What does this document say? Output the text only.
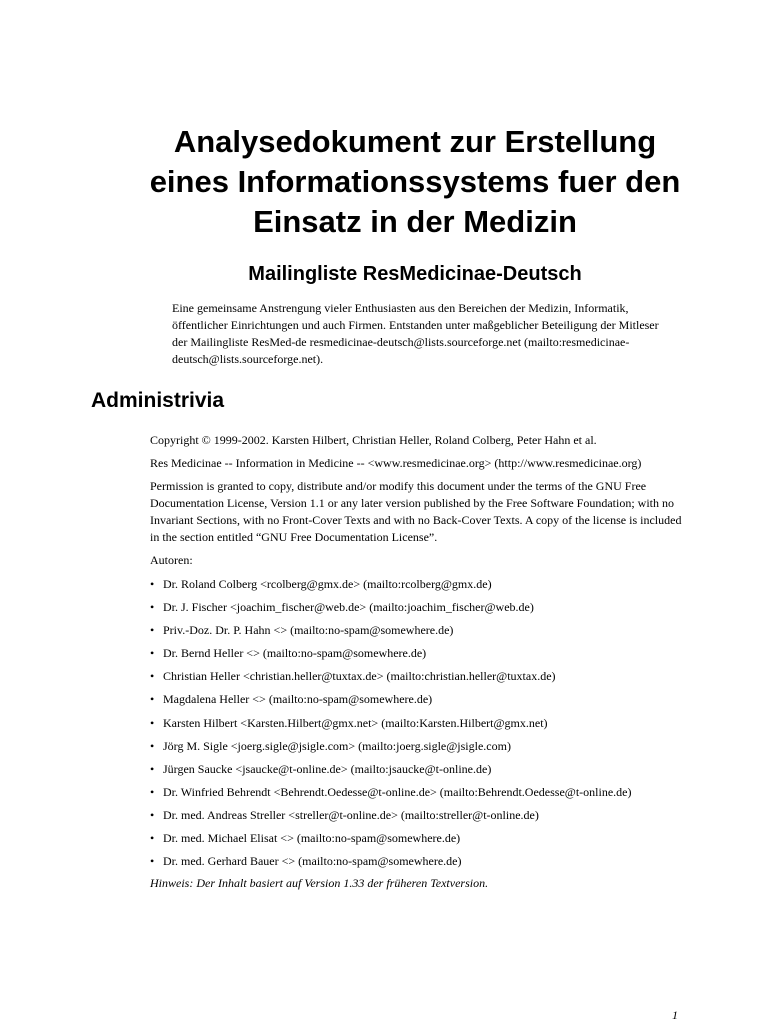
Analysedokument zur Erstellung
eines Informationssystems fuer den
Einsatz in der Medizin
Mailingliste ResMedicinae-Deutsch

Eine gemeinsame Anstrengung vieler Enthusiasten aus den Bereichen der Medizin, Informatik, öffentlicher Einrichtungen und auch Firmen. Entstanden unter maßgeblicher Beteiligung der Mitleser der Mailingliste ResMed-de resmedicinae-deutsch@lists.sourceforge.net (mailto:resmedicinae-deutsch@lists.sourceforge.net).

Administrivia

Copyright © 1999-2002. Karsten Hilbert, Christian Heller, Roland Colberg, Peter Hahn et al.

Res Medicinae -- Information in Medicine -- <www.resmedicinae.org> (http://www.resmedicinae.org)

Permission is granted to copy, distribute and/or modify this document under the terms of the GNU Free Documentation License, Version 1.1 or any later version published by the Free Software Foundation; with no Invariant Sections, with no Front-Cover Texts and with no Back-Cover Texts. A copy of the license is included in the section entitled “GNU Free Documentation License”.

Autoren:

• Dr. Roland Colberg <rcolberg@gmx.de> (mailto:rcolberg@gmx.de)
• Dr. J. Fischer <joachim_fischer@web.de> (mailto:joachim_fischer@web.de)
• Priv.-Doz. Dr. P. Hahn <> (mailto:no-spam@somewhere.de)
• Dr. Bernd Heller <> (mailto:no-spam@somewhere.de)
• Christian Heller <christian.heller@tuxtax.de> (mailto:christian.heller@tuxtax.de)
• Magdalena Heller <> (mailto:no-spam@somewhere.de)
• Karsten Hilbert <Karsten.Hilbert@gmx.net> (mailto:Karsten.Hilbert@gmx.net)
• Jörg M. Sigle <joerg.sigle@jsigle.com> (mailto:joerg.sigle@jsigle.com)
• Jürgen Saucke <jsaucke@t-online.de> (mailto:jsaucke@t-online.de)
• Dr. Winfried Behrendt <Behrendt.Oedesse@t-online.de> (mailto:Behrendt.Oedesse@t-online.de)
• Dr. med. Andreas Streller <streller@t-online.de> (mailto:streller@t-online.de)
• Dr. med. Michael Elisat <> (mailto:no-spam@somewhere.de)
• Dr. med. Gerhard Bauer <> (mailto:no-spam@somewhere.de)

Hinweis: Der Inhalt basiert auf Version 1.33 der früheren Textversion.

1
